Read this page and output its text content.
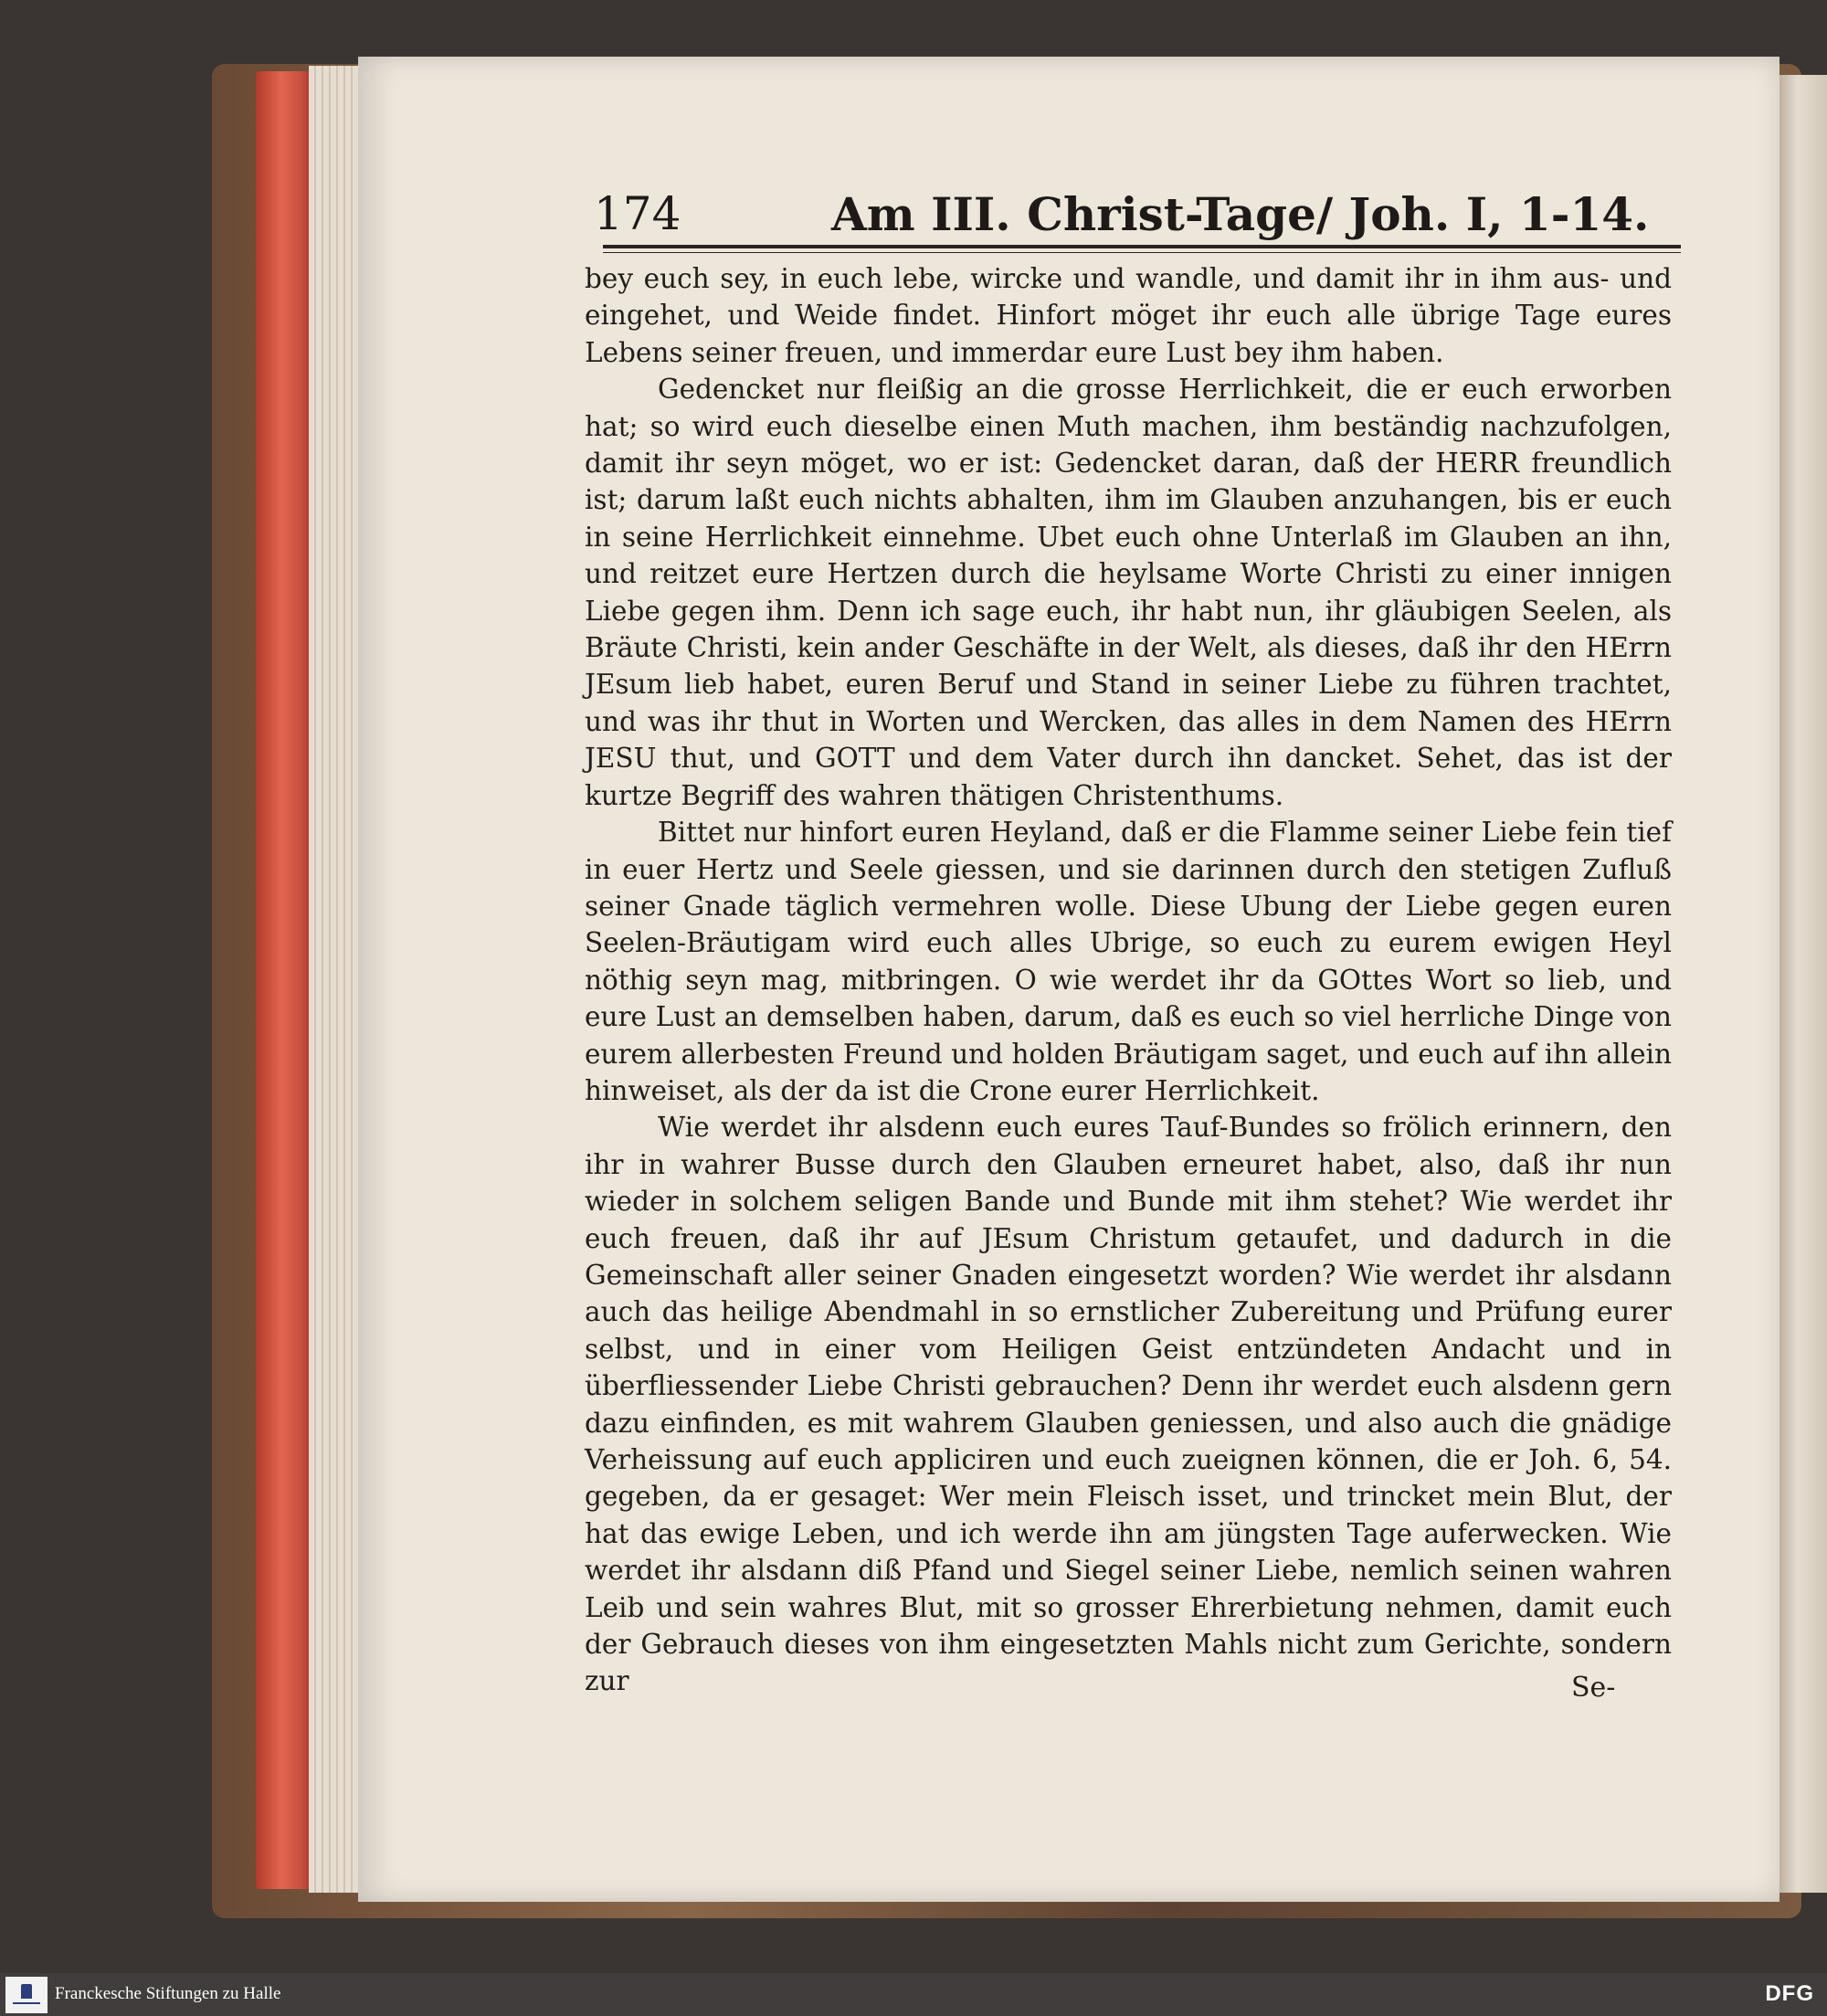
174	Am III. Christ-Tage/ Joh. I, 1-14.

bey euch sey, in euch lebe, wircke und wandle, und damit ihr in ihm aus- und eingehet, und Weide findet. Hinfort möget ihr euch alle übrige Tage eures Lebens seiner freuen, und immerdar eure Lust bey ihm haben.

Gedencket nur fleißig an die grosse Herrlichkeit, die er euch erworben hat; so wird euch dieselbe einen Muth machen, ihm beständig nachzufolgen, damit ihr seyn möget, wo er ist: Gedencket daran, daß der HERR freundlich ist; darum laßt euch nichts abhalten, ihm im Glauben anzuhangen, bis er euch in seine Herrlichkeit einnehme. Ubet euch ohne Unterlaß im Glauben an ihn, und reitzet eure Hertzen durch die heylsame Worte Christi zu einer innigen Liebe gegen ihm. Denn ich sage euch, ihr habt nun, ihr gläubigen Seelen, als Bräute Christi, kein ander Geschäfte in der Welt, als dieses, daß ihr den HErrn JEsum lieb habet, euren Beruf und Stand in seiner Liebe zu führen trachtet, und was ihr thut in Worten und Wercken, das alles in dem Namen des HErrn JESU thut, und GOTT und dem Vater durch ihn dancket. Sehet, das ist der kurtze Begriff des wahren thätigen Christenthums.

Bittet nur hinfort euren Heyland, daß er die Flamme seiner Liebe fein tief in euer Hertz und Seele giessen, und sie darinnen durch den stetigen Zufluß seiner Gnade täglich vermehren wolle. Diese Ubung der Liebe gegen euren Seelen-Bräutigam wird euch alles Ubrige, so euch zu eurem ewigen Heyl nöthig seyn mag, mitbringen. O wie werdet ihr da GOttes Wort so lieb, und eure Lust an demselben haben, darum, daß es euch so viel herrliche Dinge von eurem allerbesten Freund und holden Bräutigam saget, und euch auf ihn allein hinweiset, als der da ist die Crone eurer Herrlichkeit.

Wie werdet ihr alsdenn euch eures Tauf-Bundes so frölich erinnern, den ihr in wahrer Busse durch den Glauben erneuret habet, also, daß ihr nun wieder in solchem seligen Bande und Bunde mit ihm stehet? Wie werdet ihr euch freuen, daß ihr auf JEsum Christum getaufet, und dadurch in die Gemeinschaft aller seiner Gnaden eingesetzt worden? Wie werdet ihr alsdann auch das heilige Abendmahl in so ernstlicher Zubereitung und Prüfung eurer selbst, und in einer vom Heiligen Geist entzündeten Andacht und in überfliessender Liebe Christi gebrauchen? Denn ihr werdet euch alsdenn gern dazu einfinden, es mit wahrem Glauben geniessen, und also auch die gnädige Verheissung auf euch appliciren und euch zueignen können, die er Joh. 6, 54. gegeben, da er gesaget: Wer mein Fleisch isset, und trincket mein Blut, der hat das ewige Leben, und ich werde ihn am jüngsten Tage auferwecken. Wie werdet ihr alsdann diß Pfand und Siegel seiner Liebe, nemlich seinen wahren Leib und sein wahres Blut, mit so grosser Ehrerbietung nehmen, damit euch der Gebrauch dieses von ihm eingesetzten Mahls nicht zum Gerichte, sondern zur	Se-
Franckesche Stiftungen zu Halle	DFG
